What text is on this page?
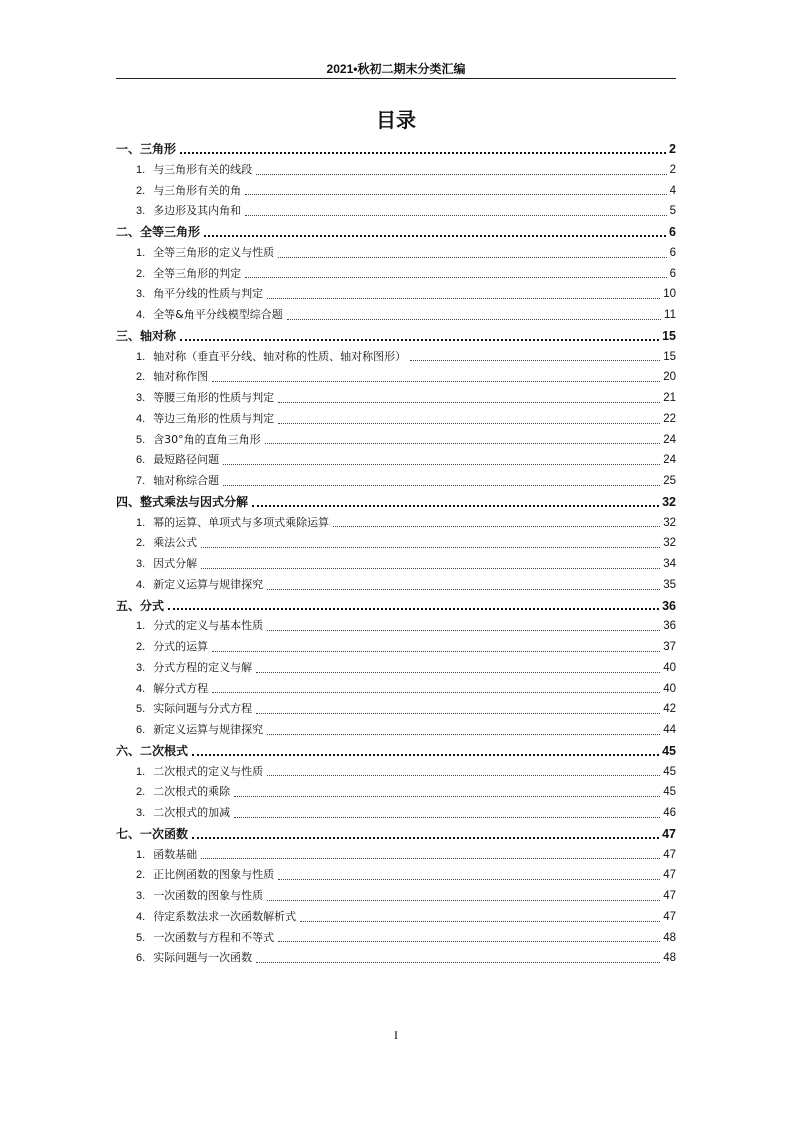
2021•秋初二期末分类汇编
目录
一、三角形	2
1. 与三角形有关的线段	2
2. 与三角形有关的角	4
3. 多边形及其内角和	5
二、全等三角形	6
1. 全等三角形的定义与性质	6
2. 全等三角形的判定	6
3. 角平分线的性质与判定	10
4. 全等&角平分线模型综合题	11
三、轴对称	15
1. 轴对称（垂直平分线、轴对称的性质、轴对称图形）	15
2. 轴对称作图	20
3. 等腰三角形的性质与判定	21
4. 等边三角形的性质与判定	22
5. 含30°角的直角三角形	24
6. 最短路径问题	24
7. 轴对称综合题	25
四、整式乘法与因式分解	32
1. 幂的运算、单项式与多项式乘除运算	32
2. 乘法公式	32
3. 因式分解	34
4. 新定义运算与规律探究	35
五、分式	36
1. 分式的定义与基本性质	36
2. 分式的运算	37
3. 分式方程的定义与解	40
4. 解分式方程	40
5. 实际问题与分式方程	42
6. 新定义运算与规律探究	44
六、二次根式	45
1. 二次根式的定义与性质	45
2. 二次根式的乘除	45
3. 二次根式的加减	46
七、一次函数	47
1. 函数基础	47
2. 正比例函数的图象与性质	47
3. 一次函数的图象与性质	47
4. 待定系数法求一次函数解析式	47
5. 一次函数与方程和不等式	48
6. 实际问题与一次函数	48
I
